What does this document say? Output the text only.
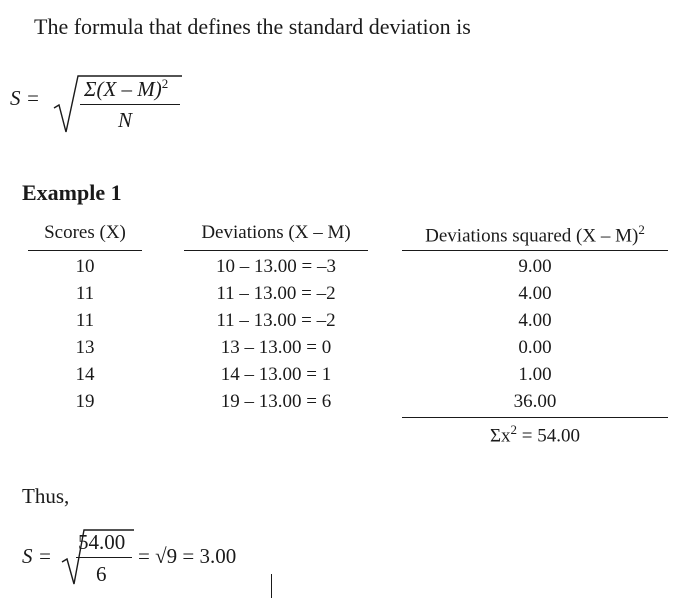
The formula that defines the standard deviation is
S = Σ(X – M)$^2$
N
Example 1
Scores (X)	Deviations (X – M)	Deviations squared (X – M)$^2$
10	10 – 13.00 = –3	9.00
11	11 – 13.00 = –2	4.00
11	11 – 13.00 = –2	4.00
13	13 – 13.00 = 0	0.00
14	14 – 13.00 = 1	1.00
19	19 – 13.00 = 6	36.00
$\Sigma x^2 = 54.00$
Thus,
S =
54.00
6
= √9 = 3.00
